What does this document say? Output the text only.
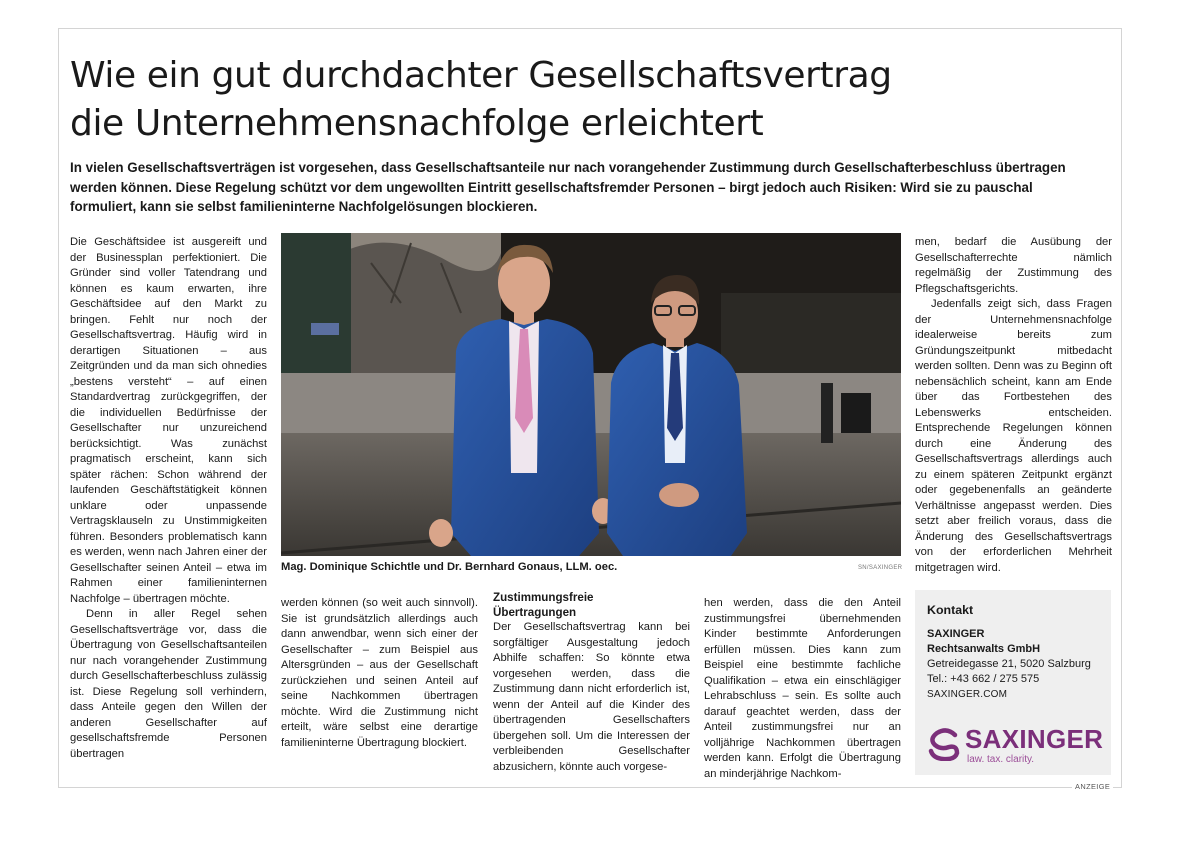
Wie ein gut durchdachter Gesellschaftsvertrag
die Unternehmensnachfolge erleichtert

In vielen Gesellschaftsverträgen ist vorgesehen, dass Gesellschaftsanteile nur nach vorangehender Zustimmung durch Gesellschafterbeschluss übertragen werden können. Diese Regelung schützt vor dem ungewollten Eintritt gesellschaftsfremder Personen – birgt jedoch auch Risiken: Wird sie zu pauschal formuliert, kann sie selbst familieninterne Nachfolgelösungen blockieren.

Die Geschäftsidee ist ausgereift und der Businessplan perfektioniert. Die Gründer sind voller Tatendrang und können es kaum erwarten, ihre Geschäftsidee auf den Markt zu bringen. Fehlt nur noch der Gesellschaftsvertrag. Häufig wird in derartigen Situationen – aus Zeitgründen und da man sich ohnedies „bestens versteht“ – auf einen Standardvertrag zurückgegriffen, der die individuellen Bedürfnisse der Gesellschafter nur unzureichend berücksichtigt. Was zunächst pragmatisch erscheint, kann sich später rächen: Schon während der laufenden Geschäftstätigkeit können unklare oder unpassende Vertragsklauseln zu Unstimmigkeiten führen. Besonders problematisch kann es werden, wenn nach Jahren einer der Gesellschafter seinen Anteil – etwa im Rahmen einer familieninternen Nachfolge – übertragen möchte.

Denn in aller Regel sehen Gesellschaftsverträge vor, dass die Übertragung von Gesellschaftsanteilen nur nach vorangehender Zustimmung durch Gesellschafterbeschluss zulässig ist. Diese Regelung soll verhindern, dass Anteile gegen den Willen der anderen Gesellschafter auf gesellschaftsfremde Personen übertragen

Mag. Dominique Schichtle und Dr. Bernhard Gonaus, LLM. oec.	SN/SAXINGER

werden können (so weit auch sinnvoll). Sie ist grundsätzlich allerdings auch dann anwendbar, wenn sich einer der Gesellschafter – zum Beispiel aus Altersgründen – aus der Gesellschaft zurückziehen und seinen Anteil auf seine Nachkommen übertragen möchte. Wird die Zustimmung nicht erteilt, wäre selbst eine derartige familieninterne Übertragung blockiert.

Zustimmungsfreie
Übertragungen

Der Gesellschaftsvertrag kann bei sorgfältiger Ausgestaltung jedoch Abhilfe schaffen: So könnte etwa vorgesehen werden, dass die Zustimmung dann nicht erforderlich ist, wenn der Anteil auf die Kinder des übertragenden Gesellschafters übergehen soll. Um die Interessen der verbleibenden Gesellschafter abzusichern, könnte auch vorgese-

hen werden, dass die den Anteil zustimmungsfrei übernehmenden Kinder bestimmte Anforderungen erfüllen müssen. Dies kann zum Beispiel eine bestimmte fachliche Qualifikation – etwa ein einschlägiger Lehrabschluss – sein. Es sollte auch darauf geachtet werden, dass der Anteil zustimmungsfrei nur an volljährige Nachkommen übertragen werden kann. Erfolgt die Übertragung an minderjährige Nachkom-

men, bedarf die Ausübung der Gesellschafterrechte nämlich regelmäßig der Zustimmung des Pflegschaftsgerichts.

Jedenfalls zeigt sich, dass Fragen der Unternehmensnachfolge idealerweise bereits zum Gründungszeitpunkt mitbedacht werden sollten. Denn was zu Beginn oft nebensächlich scheint, kann am Ende über das Fortbestehen des Lebenswerks entscheiden. Entsprechende Regelungen können durch eine Änderung des Gesellschaftsvertrags allerdings auch zu einem späteren Zeitpunkt ergänzt oder gegebenenfalls an geänderte Verhältnisse angepasst werden. Dies setzt aber freilich voraus, dass die Änderung des Gesellschaftsvertrags von der erforderlichen Mehrheit mitgetragen wird.

Kontakt

SAXINGER

Rechtsanwalts GmbH

Getreidegasse 21, 5020 Salzburg

Tel.: +43 662 / 275 575

SAXINGER.COM

SAXINGER

law. tax. clarity.

ANZEIGE
